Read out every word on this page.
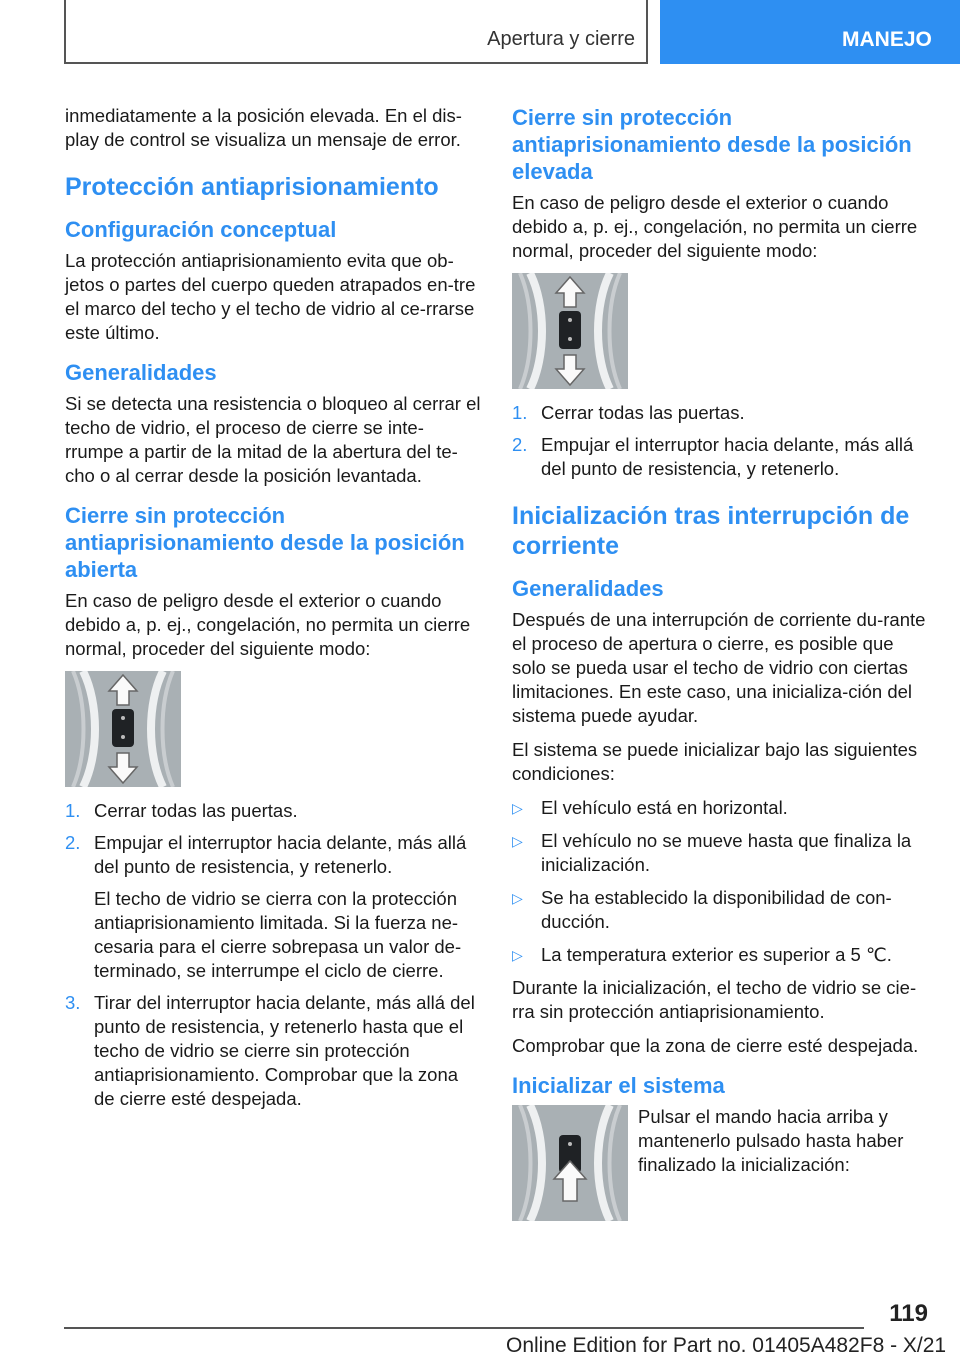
Apertura y cierre	MANEJO

inmediatamente a la posición elevada. En el dis‐play de control se visualiza un mensaje de error.

Protección antiaprisionamiento
Configuración conceptual

La protección antiaprisionamiento evita que ob‐jetos o partes del cuerpo queden atrapados en‐tre el marco del techo y el techo de vidrio al ce‐rrarse este último.

Generalidades

Si se detecta una resistencia o bloqueo al cerrar el techo de vidrio, el proceso de cierre se inte‐rrumpe a partir de la mitad de la abertura del te‐cho o al cerrar desde la posición levantada.

Cierre sin protección antiaprisionamiento desde la posición abierta

En caso de peligro desde el exterior o cuando debido a, p. ej., congelación, no permita un cierre normal, proceder del siguiente modo:

1. Cerrar todas las puertas.
2. Empujar el interruptor hacia delante, más allá del punto de resistencia, y retenerlo.

El techo de vidrio se cierra con la protección antiaprisionamiento limitada. Si la fuerza ne‐cesaria para el cierre sobrepasa un valor de‐terminado, se interrumpe el ciclo de cierre.

3. Tirar del interruptor hacia delante, más allá del punto de resistencia, y retenerlo hasta que el techo de vidrio se cierre sin protección antiaprisionamiento. Comprobar que la zona de cierre esté despejada.
Cierre sin protección antiaprisionamiento desde la posición elevada

En caso de peligro desde el exterior o cuando debido a, p. ej., congelación, no permita un cierre normal, proceder del siguiente modo:

1. Cerrar todas las puertas.
2. Empujar el interruptor hacia delante, más allá del punto de resistencia, y retenerlo.
Inicialización tras interrupción de corriente
Generalidades

Después de una interrupción de corriente du‐rante el proceso de apertura o cierre, es posible que solo se pueda usar el techo de vidrio con ciertas limitaciones. En este caso, una inicializa‐ción del sistema puede ayudar.

El sistema se puede inicializar bajo las siguientes condiciones:

▷ El vehículo está en horizontal.
▷ El vehículo no se mueve hasta que finaliza la inicialización.
▷ Se ha establecido la disponibilidad de con‐ducción.
▷ La temperatura exterior es superior a 5 ℃.

Durante la inicialización, el techo de vidrio se cie‐rra sin protección antiaprisionamiento.

Comprobar que la zona de cierre esté despejada.

Inicializar el sistema

Pulsar el mando hacia arriba y mantenerlo pulsado hasta haber finalizado la inicialización:

119
Online Edition for Part no. 01405A482F8 - X/21
